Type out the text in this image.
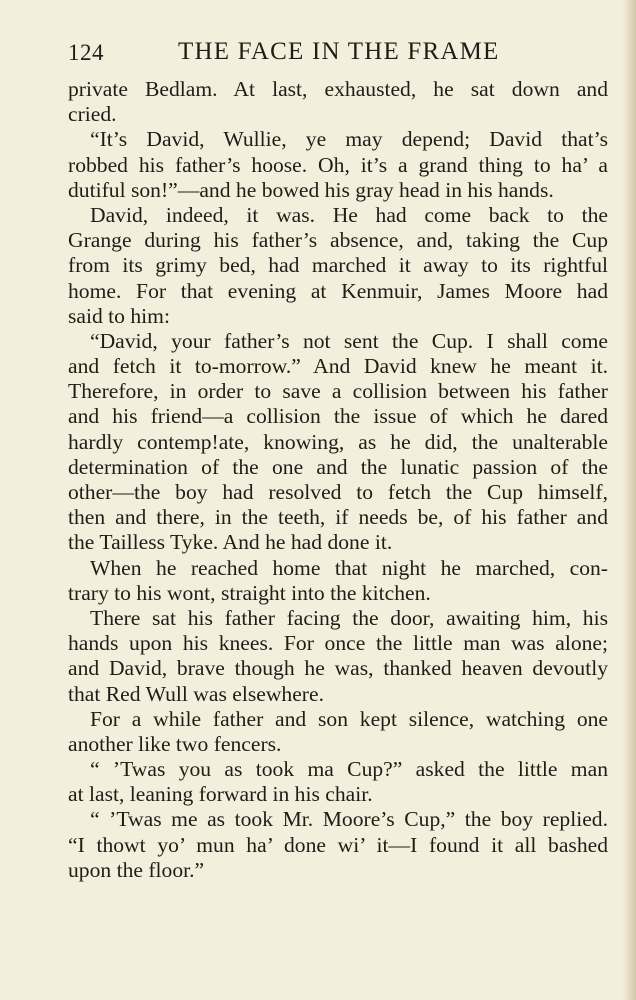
124	THE FACE IN THE FRAME
private Bedlam. At last, exhausted, he sat down and
cried.
“It’s David, Wullie, ye may depend; David that’s
robbed his father’s hoose. Oh, it’s a grand thing to ha’ a
dutiful son!”—and he bowed his gray head in his hands.
David, indeed, it was. He had come back to the
Grange during his father’s absence, and, taking the Cup
from its grimy bed, had marched it away to its rightful
home. For that evening at Kenmuir, James Moore had
said to him:
“David, your father’s not sent the Cup. I shall come
and fetch it to-morrow.” And David knew he meant it.
Therefore, in order to save a collision between his father
and his friend—a collision the issue of which he dared
hardly contemp!ate, knowing, as he did, the unalterable
determination of the one and the lunatic passion of the
other—the boy had resolved to fetch the Cup himself,
then and there, in the teeth, if needs be, of his father and
the Tailless Tyke. And he had done it.
When he reached home that night he marched, con-
trary to his wont, straight into the kitchen.
There sat his father facing the door, awaiting him, his
hands upon his knees. For once the little man was alone;
and David, brave though he was, thanked heaven devoutly
that Red Wull was elsewhere.
For a while father and son kept silence, watching one
another like two fencers.
“ ’Twas you as took ma Cup?” asked the little man
at last, leaning forward in his chair.
“ ’Twas me as took Mr. Moore’s Cup,” the boy replied.
“I thowt yo’ mun ha’ done wi’ it—I found it all bashed
upon the floor.”
